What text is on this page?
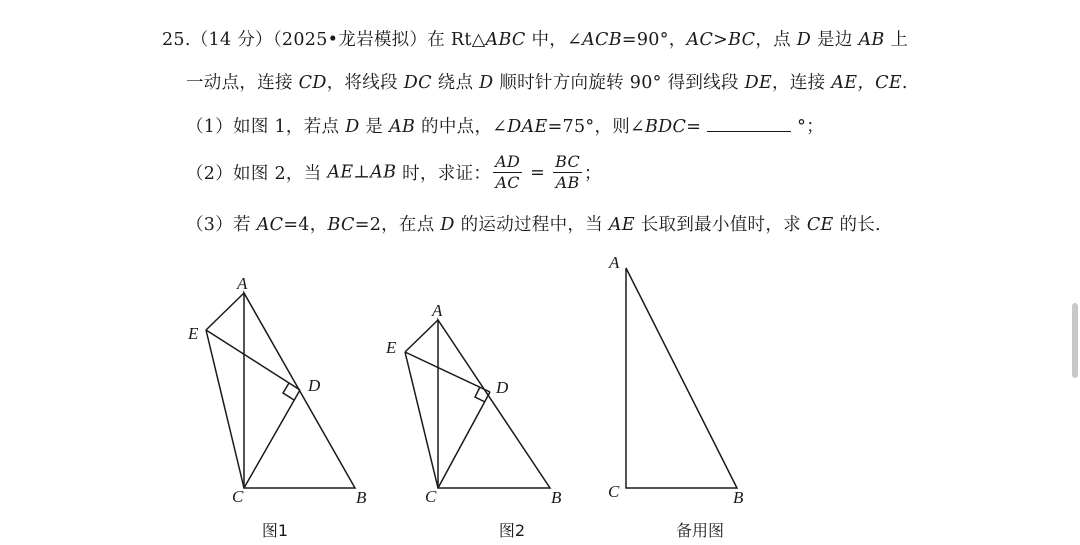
25.（14 分）（2025•龙岩模拟）在 Rt△ABC 中，∠ACB=90°，AC>BC，点 D 是边 AB 上
一动点，连接 CD，将线段 DC 绕点 D 顺时针方向旋转 90° 得到线段 DE，连接 AE，CE.
（1）如图 1，若点 D 是 AB 的中点，∠DAE=75°，则∠BDC=	°；
（2）如图 2，当 AE⊥AB 时，求证： $\frac{AD}{AC} = \frac{BC}{AB}$ ；
（3）若 AC=4，BC=2，在点 D 的运动过程中，当 AE 长取到最小值时，求 CE 的长.
A
E
D
C	B
图1
A
E
D
C	B
图2
A
C	B
备用图
